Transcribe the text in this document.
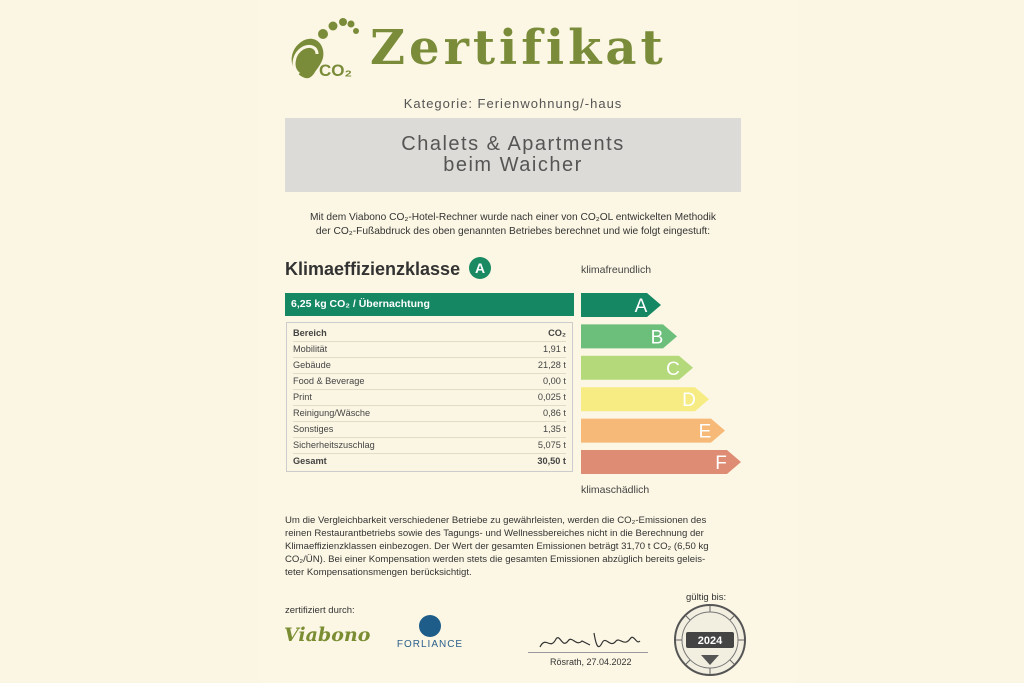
CO₂ Zertifikat
Kategorie: Ferienwohnung/-haus
Chalets & Apartments
beim Waicher
Mit dem Viabono CO₂-Hotel-Rechner wurde nach einer von CO₂OL entwickelten Methodik
der CO₂-Fußabdruck des oben genannten Betriebes berechnet und wie folgt eingestuft:
Klimaeffizienzklasse A	klimafreundlich
6,25 kg CO₂ / Übernachtung
Bereich	CO₂
Mobilität	1,91 t
Gebäude	21,28 t
Food & Beverage	0,00 t
Print	0,025 t
Reinigung/Wäsche	0,86 t
Sonstiges	1,35 t
Sicherheitszuschlag	5,075 t
Gesamt	30,50 t
A
B
C
D
E
F
klimaschädlich
Um die Vergleichbarkeit verschiedener Betriebe zu gewährleisten, werden die CO₂-Emissionen des
reinen Restaurantbetriebs sowie des Tagungs- und Wellnessbereiches nicht in die Berechnung der
Klimaeffizienzklassen einbezogen. Der Wert der gesamten Emissionen beträgt 31,70 t CO₂ (6,50 kg
CO₂/ÜN). Bei einer Kompensation werden stets die gesamten Emissionen abzüglich bereits geleis-
teter Kompensationsmengen berücksichtigt.
zertifiziert durch:
Viabono	FORLIANCE
Rösrath, 27.04.2022
gültig bis:
2024
